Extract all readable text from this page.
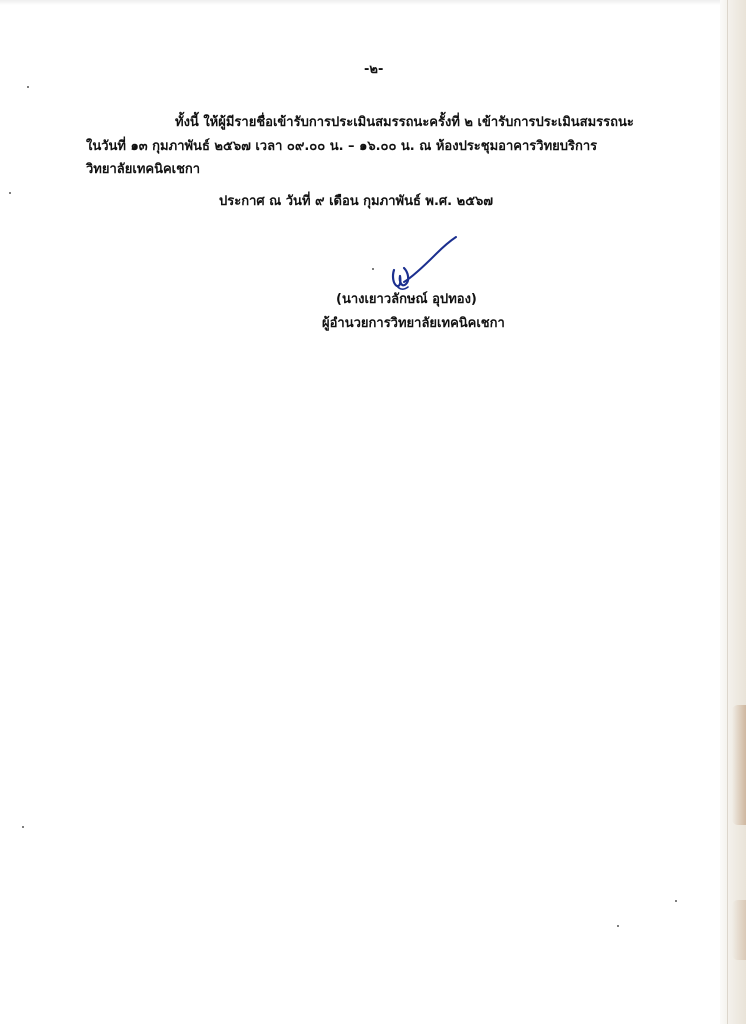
-๒-
ทั้งนี้ ให้ผู้มีรายชื่อเข้ารับการประเมินสมรรถนะครั้งที่ ๒ เข้ารับการประเมินสมรรถนะ
ในวันที่ ๑๓ กุมภาพันธ์ ๒๕๖๗ เวลา ๐๙.๐๐ น. – ๑๖.๐๐ น. ณ ห้องประชุมอาคารวิทยบริการ
วิทยาลัยเทคนิคเชกา
ประกาศ ณ วันที่ ๙ เดือน กุมภาพันธ์ พ.ศ. ๒๕๖๗
(นางเยาวลักษณ์ อุปทอง)
ผู้อำนวยการวิทยาลัยเทคนิคเชกา
